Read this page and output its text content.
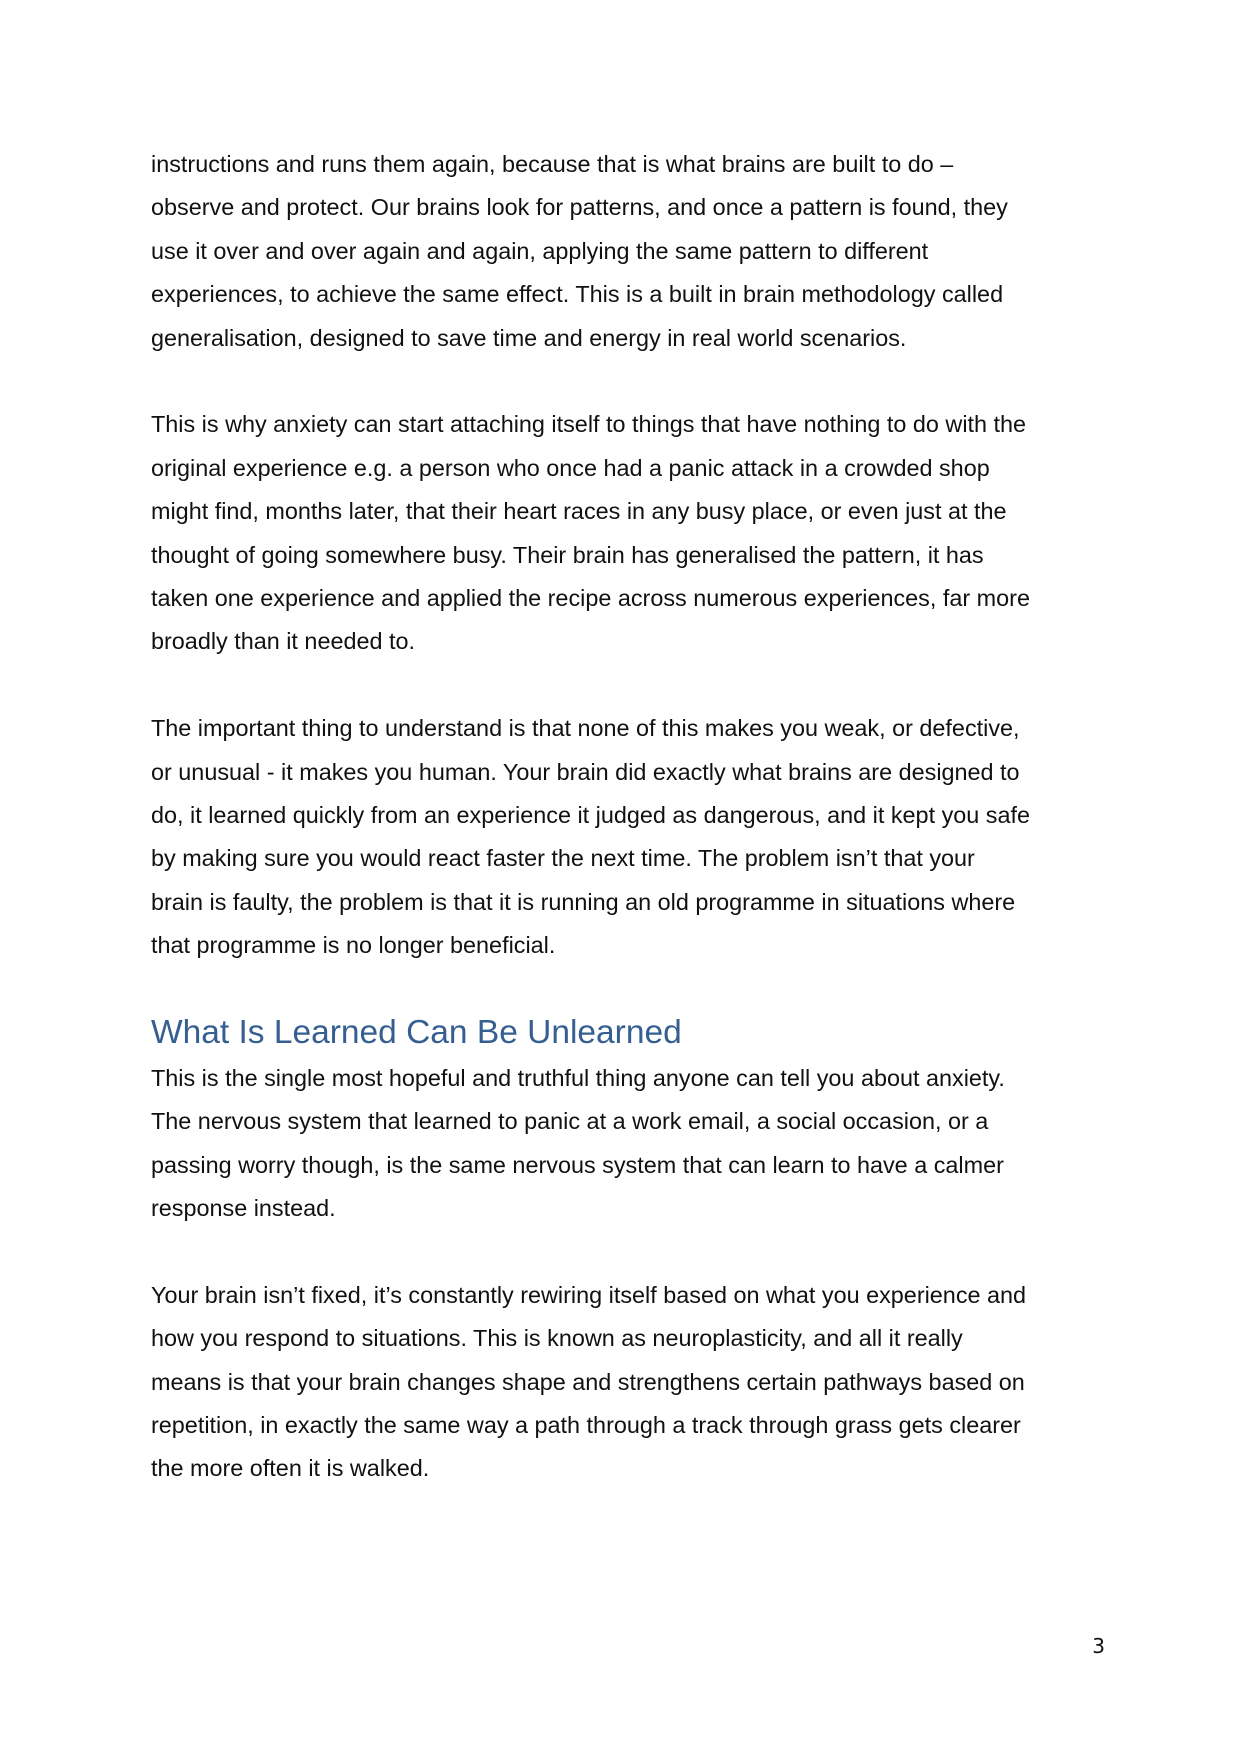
instructions and runs them again, because that is what brains are built to do –
observe and protect. Our brains look for patterns, and once a pattern is found, they
use it over and over again and again, applying the same pattern to different
experiences, to achieve the same effect. This is a built in brain methodology called
generalisation, designed to save time and energy in real world scenarios.

This is why anxiety can start attaching itself to things that have nothing to do with the
original experience e.g. a person who once had a panic attack in a crowded shop
might find, months later, that their heart races in any busy place, or even just at the
thought of going somewhere busy. Their brain has generalised the pattern, it has
taken one experience and applied the recipe across numerous experiences, far more
broadly than it needed to.

The important thing to understand is that none of this makes you weak, or defective,
or unusual - it makes you human. Your brain did exactly what brains are designed to
do, it learned quickly from an experience it judged as dangerous, and it kept you safe
by making sure you would react faster the next time. The problem isn’t that your
brain is faulty, the problem is that it is running an old programme in situations where
that programme is no longer beneficial.

What Is Learned Can Be Unlearned

This is the single most hopeful and truthful thing anyone can tell you about anxiety.
The nervous system that learned to panic at a work email, a social occasion, or a
passing worry though, is the same nervous system that can learn to have a calmer
response instead.

Your brain isn’t fixed, it’s constantly rewiring itself based on what you experience and
how you respond to situations. This is known as neuroplasticity, and all it really
means is that your brain changes shape and strengthens certain pathways based on
repetition, in exactly the same way a path through a track through grass gets clearer
the more often it is walked.

3
